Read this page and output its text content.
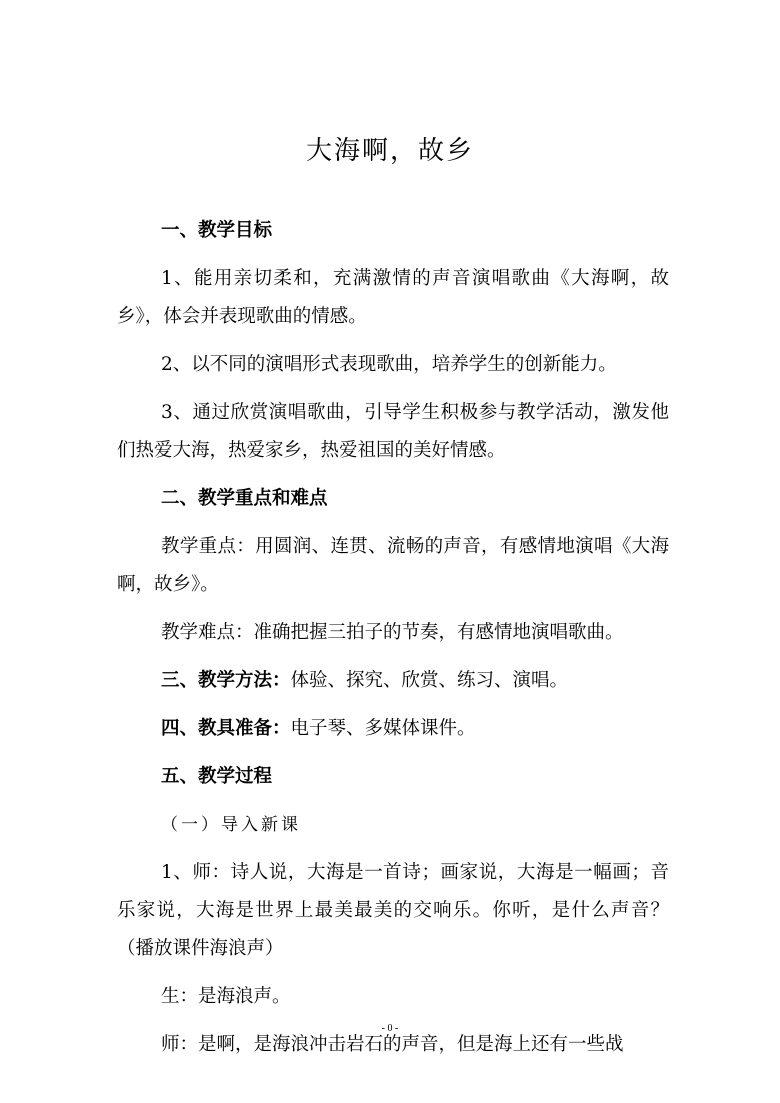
大海啊，故乡

一、教学目标

1、能用亲切柔和，充满激情的声音演唱歌曲《大海啊，故乡》，体会并表现歌曲的情感。

2、以不同的演唱形式表现歌曲，培养学生的创新能力。

3、通过欣赏演唱歌曲，引导学生积极参与教学活动，激发他们热爱大海，热爱家乡，热爱祖国的美好情感。

二、教学重点和难点

教学重点：用圆润、连贯、流畅的声音，有感情地演唱《大海啊，故乡》。

教学难点：准确把握三拍子的节奏，有感情地演唱歌曲。

三、教学方法：体验、探究、欣赏、练习、演唱。

四、教具准备：电子琴、多媒体课件。

五、教学过程

（一）导入新课

1、师：诗人说，大海是一首诗；画家说，大海是一幅画；音乐家说，大海是世界上最美最美的交响乐。你听，是什么声音？（播放课件海浪声）

生：是海浪声。

师：是啊，是海浪冲击岩石的声音，但是海上还有一些战

- 0 -
